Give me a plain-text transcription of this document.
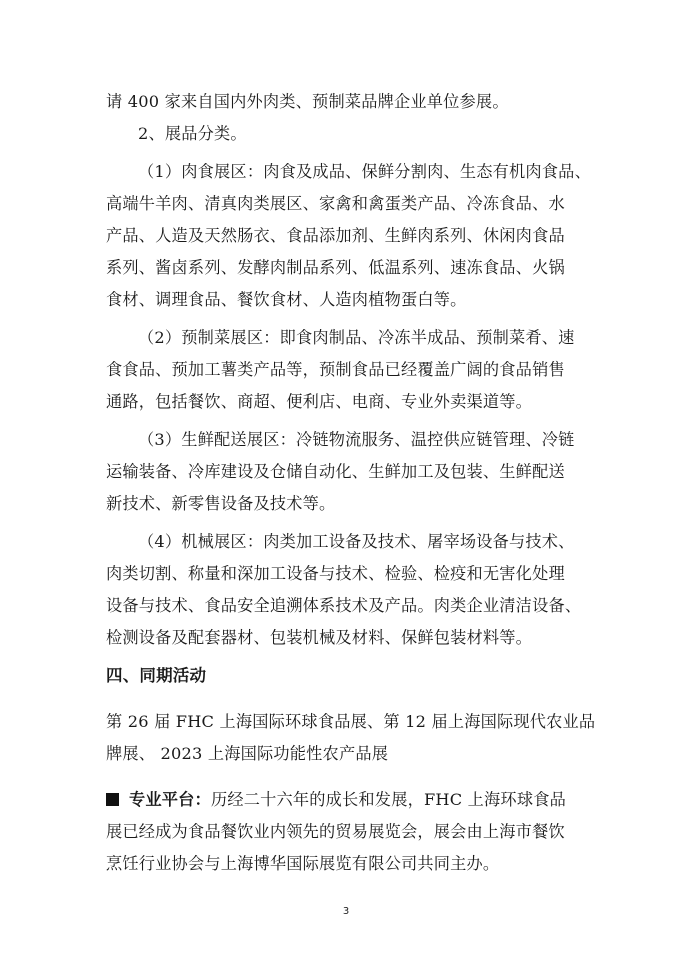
请 400 家来自国内外肉类、预制菜品牌企业单位参展。
2、展品分类。
（1）肉食展区：肉食及成品、保鲜分割肉、生态有机肉食品、
高端牛羊肉、清真肉类展区、家禽和禽蛋类产品、冷冻食品、水
产品、人造及天然肠衣、食品添加剂、生鲜肉系列、休闲肉食品
系列、酱卤系列、发酵肉制品系列、低温系列、速冻食品、火锅
食材、调理食品、餐饮食材、人造肉植物蛋白等。
（2）预制菜展区：即食肉制品、冷冻半成品、预制菜肴、速
食食品、预加工薯类产品等，预制食品已经覆盖广阔的食品销售
通路，包括餐饮、商超、便利店、电商、专业外卖渠道等。
（3）生鲜配送展区：冷链物流服务、温控供应链管理、冷链
运输装备、冷库建设及仓储自动化、生鲜加工及包装、生鲜配送
新技术、新零售设备及技术等。
（4）机械展区：肉类加工设备及技术、屠宰场设备与技术、
肉类切割、称量和深加工设备与技术、检验、检疫和无害化处理
设备与技术、食品安全追溯体系技术及产品。肉类企业清洁设备、
检测设备及配套器材、包装机械及材料、保鲜包装材料等。
四、同期活动
第 26 届 FHC 上海国际环球食品展、第 12 届上海国际现代农业品
牌展、 2023 上海国际功能性农产品展
专业平台：历经二十六年的成长和发展，FHC 上海环球食品
展已经成为食品餐饮业内领先的贸易展览会，展会由上海市餐饮
烹饪行业协会与上海博华国际展览有限公司共同主办。
3
